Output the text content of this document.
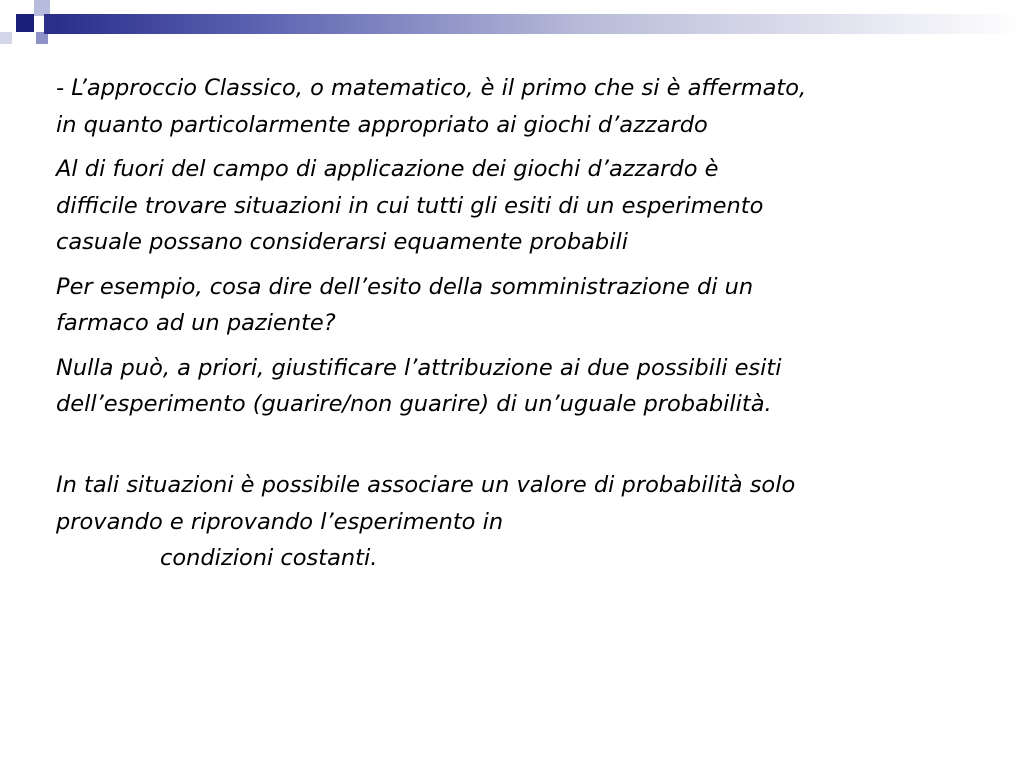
- L’approccio Classico, o matematico, è il primo che si è affermato,
in quanto particolarmente appropriato ai giochi d’azzardo

Al di fuori del campo di applicazione dei giochi d’azzardo è
difficile trovare situazioni in cui tutti gli esiti di un esperimento
casuale possano considerarsi equamente probabili

Per esempio, cosa dire dell’esito della somministrazione di un
farmaco ad un paziente?

Nulla può, a priori, giustificare l’attribuzione ai due possibili esiti
dell’esperimento (guarire/non guarire) di un’uguale probabilità.

In tali situazioni è possibile associare un valore di probabilità solo
provando e riprovando l’esperimento in

condizioni costanti.
